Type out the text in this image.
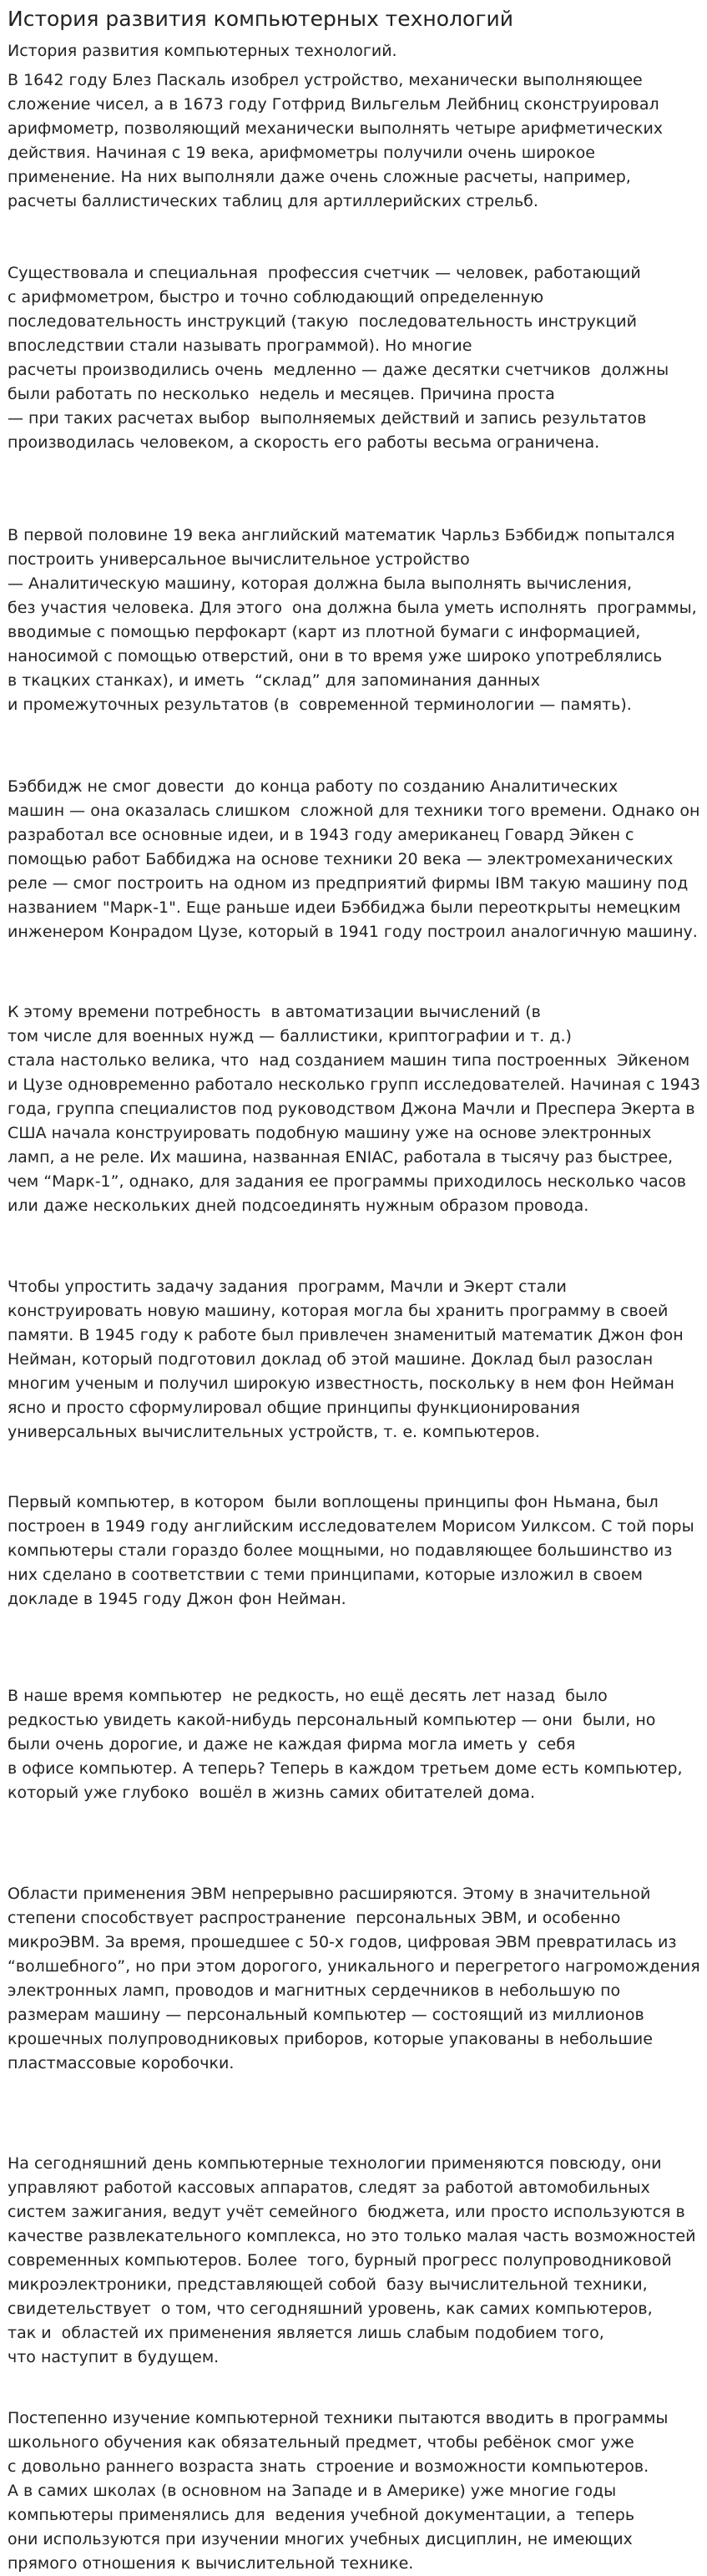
История развития компьютерных технологий
История развития компьютерных технологий.
В 1642 году Блез Паскаль изобрел устройство, механически выполняющее
сложение чисел, а в 1673 году Готфрид Вильгельм Лейбниц сконструировал
арифмометр, позволяющий механически выполнять четыре арифметических
действия. Начиная с 19 века, арифмометры получили очень широкое
применение. На них выполняли даже очень сложные расчеты, например,
расчеты баллистических таблиц для артиллерийских стрельб.
Существовала и специальная  профессия счетчик — человек, работающий
с арифмометром, быстро и точно соблюдающий определенную
последовательность инструкций (такую  последовательность инструкций
впоследствии стали называть программой). Но многие
расчеты производились очень  медленно — даже десятки счетчиков  должны
были работать по несколько  недель и месяцев. Причина проста
— при таких расчетах выбор  выполняемых действий и запись результатов
производилась человеком, а скорость его работы весьма ограничена.
В первой половине 19 века английский математик Чарльз Бэббидж попытался
построить универсальное вычислительное устройство
— Аналитическую машину, которая должна была выполнять вычисления,
без участия человека. Для этого  она должна была уметь исполнять  программы,
вводимые с помощью перфокарт (карт из плотной бумаги с информацией,
наносимой с помощью отверстий, они в то время уже широко употреблялись
в ткацких станках), и иметь  “склад” для запоминания данных
и промежуточных результатов (в  современной терминологии — память).
Бэббидж не смог довести  до конца работу по созданию Аналитических
машин — она оказалась слишком  сложной для техники того времени. Однако он
разработал все основные идеи, и в 1943 году американец Говард Эйкен с
помощью работ Баббиджа на основе техники 20 века — электромеханических
реле — смог построить на одном из предприятий фирмы IBM такую машину под
названием "Марк-1". Еще раньше идеи Бэббиджа были переоткрыты немецким
инженером Конрадом Цузе, который в 1941 году построил аналогичную машину.
К этому времени потребность  в автоматизации вычислений (в
том числе для военных нужд — баллистики, криптографии и т. д.)
стала настолько велика, что  над созданием машин типа построенных  Эйкеном
и Цузе одновременно работало несколько групп исследователей. Начиная с 1943
года, группа специалистов под руководством Джона Мачли и Преспера Экерта в
США начала конструировать подобную машину уже на основе электронных
ламп, а не реле. Их машина, названная ENIAC, работала в тысячу раз быстрее,
чем “Марк-1”, однако, для задания ее программы приходилось несколько часов
или даже нескольких дней подсоединять нужным образом провода.
Чтобы упростить задачу задания  программ, Мачли и Экерт стали
конструировать новую машину, которая могла бы хранить программу в своей
памяти. В 1945 году к работе был привлечен знаменитый математик Джон фон
Нейман, который подготовил доклад об этой машине. Доклад был разослан
многим ученым и получил широкую известность, поскольку в нем фон Нейман
ясно и просто сформулировал общие принципы функционирования
универсальных вычислительных устройств, т. е. компьютеров.
Первый компьютер, в котором  были воплощены принципы фон Ньмана, был
построен в 1949 году английским исследователем Морисом Уилксом. С той поры
компьютеры стали гораздо более мощными, но подавляющее большинство из
них сделано в соответствии с теми принципами, которые изложил в своем
докладе в 1945 году Джон фон Нейман.
В наше время компьютер  не редкость, но ещё десять лет назад  было
редкостью увидеть какой-нибудь персональный компьютер — они  были, но
были очень дорогие, и даже не каждая фирма могла иметь у  себя
в офисе компьютер. А теперь? Теперь в каждом третьем доме есть компьютер,
который уже глубоко  вошёл в жизнь самих обитателей дома.
Области применения ЭВМ непрерывно расширяются. Этому в значительной
степени способствует распространение  персональных ЭВМ, и особенно
микроЭВМ. За время, прошедшее с 50-х годов, цифровая ЭВМ превратилась из
“волшебного”, но при этом дорогого, уникального и перегретого нагромождения
электронных ламп, проводов и магнитных сердечников в небольшую по
размерам машину — персональный компьютер — состоящий из миллионов
крошечных полупроводниковых приборов, которые упакованы в небольшие
пластмассовые коробочки.
На сегодняшний день компьютерные технологии применяются повсюду, они
управляют работой кассовых аппаратов, следят за работой автомобильных
систем зажигания, ведут учёт семейного  бюджета, или просто используются в
качестве развлекательного комплекса, но это только малая часть возможностей
современных компьютеров. Более  того, бурный прогресс полупроводниковой
микроэлектроники, представляющей собой  базу вычислительной техники,
свидетельствует  о том, что сегодняшний уровень, как самих компьютеров,
так и  областей их применения является лишь слабым подобием того,
что наступит в будущем.
Постепенно изучение компьютерной техники пытаются вводить в программы
школьного обучения как обязательный предмет, чтобы ребёнок смог уже
с довольно раннего возраста знать  строение и возможности компьютеров.
А в самих школах (в основном на Западе и в Америке) уже многие годы
компьютеры применялись для  ведения учебной документации, а  теперь
они используются при изучении многих учебных дисциплин, не имеющих
прямого отношения к вычислительной технике.
